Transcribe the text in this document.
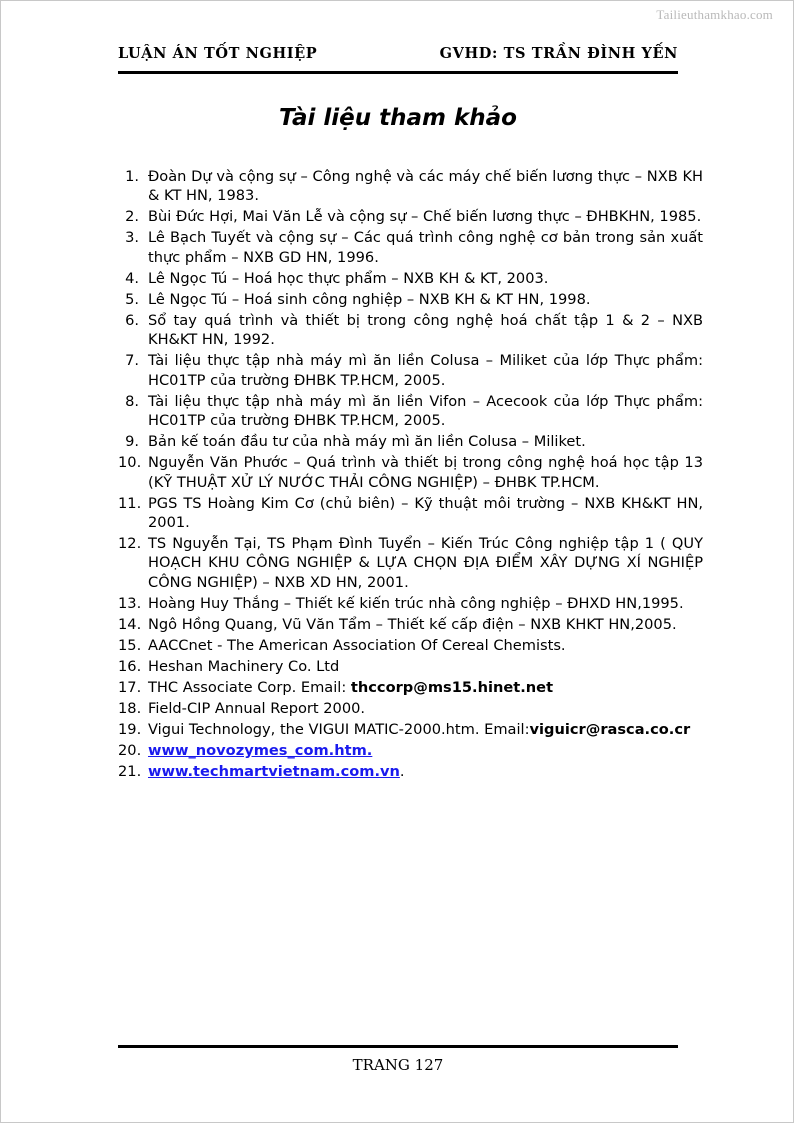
Tailieuthamkhao.com
LUẬN ÁN TỐT NGHIỆP	GVHD: TS TRẦN ĐÌNH YẾN
Tài liệu tham khảo
1. Đoàn Dự và cộng sự – Công nghệ và các máy chế biến lương thực – NXB KH & KT HN, 1983.
2. Bùi Đức Hợi, Mai Văn Lễ và cộng sự – Chế biến lương thực – ĐHBKHN, 1985.
3. Lê Bạch Tuyết và cộng sự – Các quá trình công nghệ cơ bản trong sản xuất thực phẩm – NXB GD HN, 1996.
4. Lê Ngọc Tú – Hoá học thực phẩm – NXB KH & KT, 2003.
5. Lê Ngọc Tú – Hoá sinh công nghiệp – NXB KH & KT HN, 1998.
6. Sổ tay quá trình và thiết bị trong công nghệ hoá chất tập 1 & 2 – NXB KH&KT HN, 1992.
7. Tài liệu thực tập nhà máy mì ăn liền Colusa – Miliket của lớp Thực phẩm: HC01TP của trường ĐHBK TP.HCM, 2005.
8. Tài liệu thực tập nhà máy mì ăn liền Vifon – Acecook của lớp Thực phẩm: HC01TP của trường ĐHBK TP.HCM, 2005.
9. Bản kế toán đầu tư của nhà máy mì ăn liền Colusa – Miliket.
10. Nguyễn Văn Phước – Quá trình và thiết bị trong công nghệ hoá học tập 13 (KỸ THUẬT XỬ LÝ NƯỚC THẢI CÔNG NGHIỆP) – ĐHBK TP.HCM.
11. PGS TS Hoàng Kim Cơ (chủ biên) – Kỹ thuật môi trường – NXB KH&KT HN, 2001.
12. TS Nguyễn Tại, TS Phạm Đình Tuyển – Kiến Trúc Công nghiệp tập 1 ( QUY HOẠCH KHU CÔNG NGHIỆP & LỰA CHỌN ĐỊA ĐIỂM XÂY DỰNG XÍ NGHIỆP CÔNG NGHIỆP) – NXB XD HN, 2001.
13. Hoàng Huy Thắng – Thiết kế kiến trúc nhà công nghiệp – ĐHXD HN,1995.
14. Ngô Hồng Quang, Vũ Văn Tẩm – Thiết kế cấp điện – NXB KHKT HN,2005.
15. AACCnet - The American Association Of Cereal Chemists.
16. Heshan Machinery Co. Ltd
17. THC Associate Corp. Email: thccorp@ms15.hinet.net
18. Field-CIP Annual Report 2000.
19. Vigui Technology, the VIGUI MATIC-2000.htm. Email:viguicr@rasca.co.cr
20. www_novozymes_com.htm.
21. www.techmartvietnam.com.vn.
TRANG 127
